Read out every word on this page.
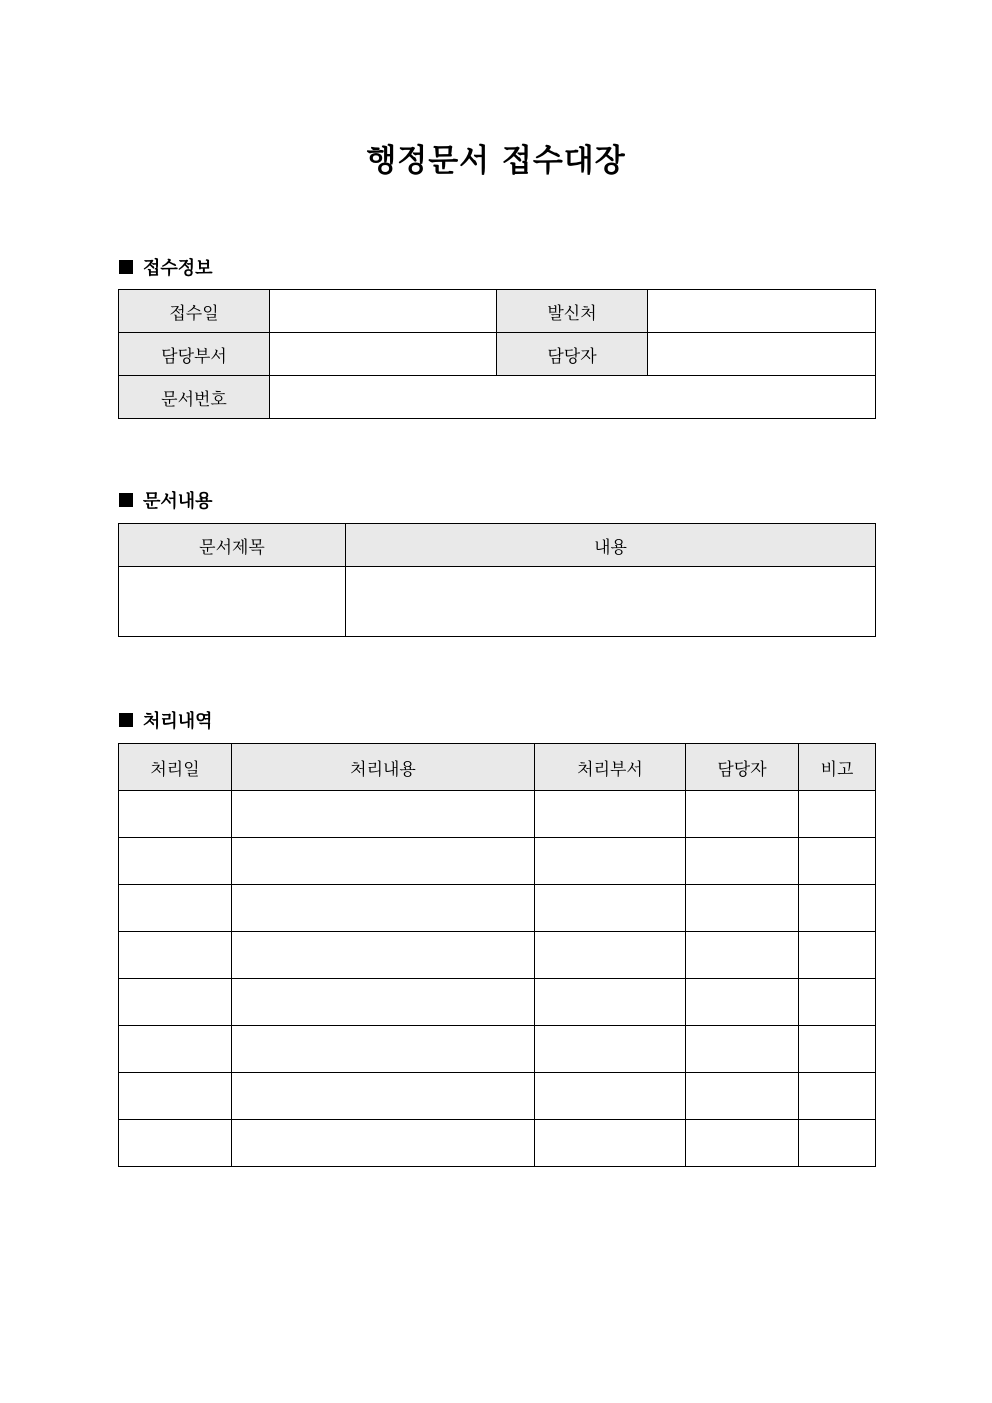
행정문서 접수대장
접수정보
접수일		발신처	
담당부서		담당자	
문서번호			
문서내용
문서제목	내용

처리내역
처리일	처리내용	처리부서	담당자	비고
